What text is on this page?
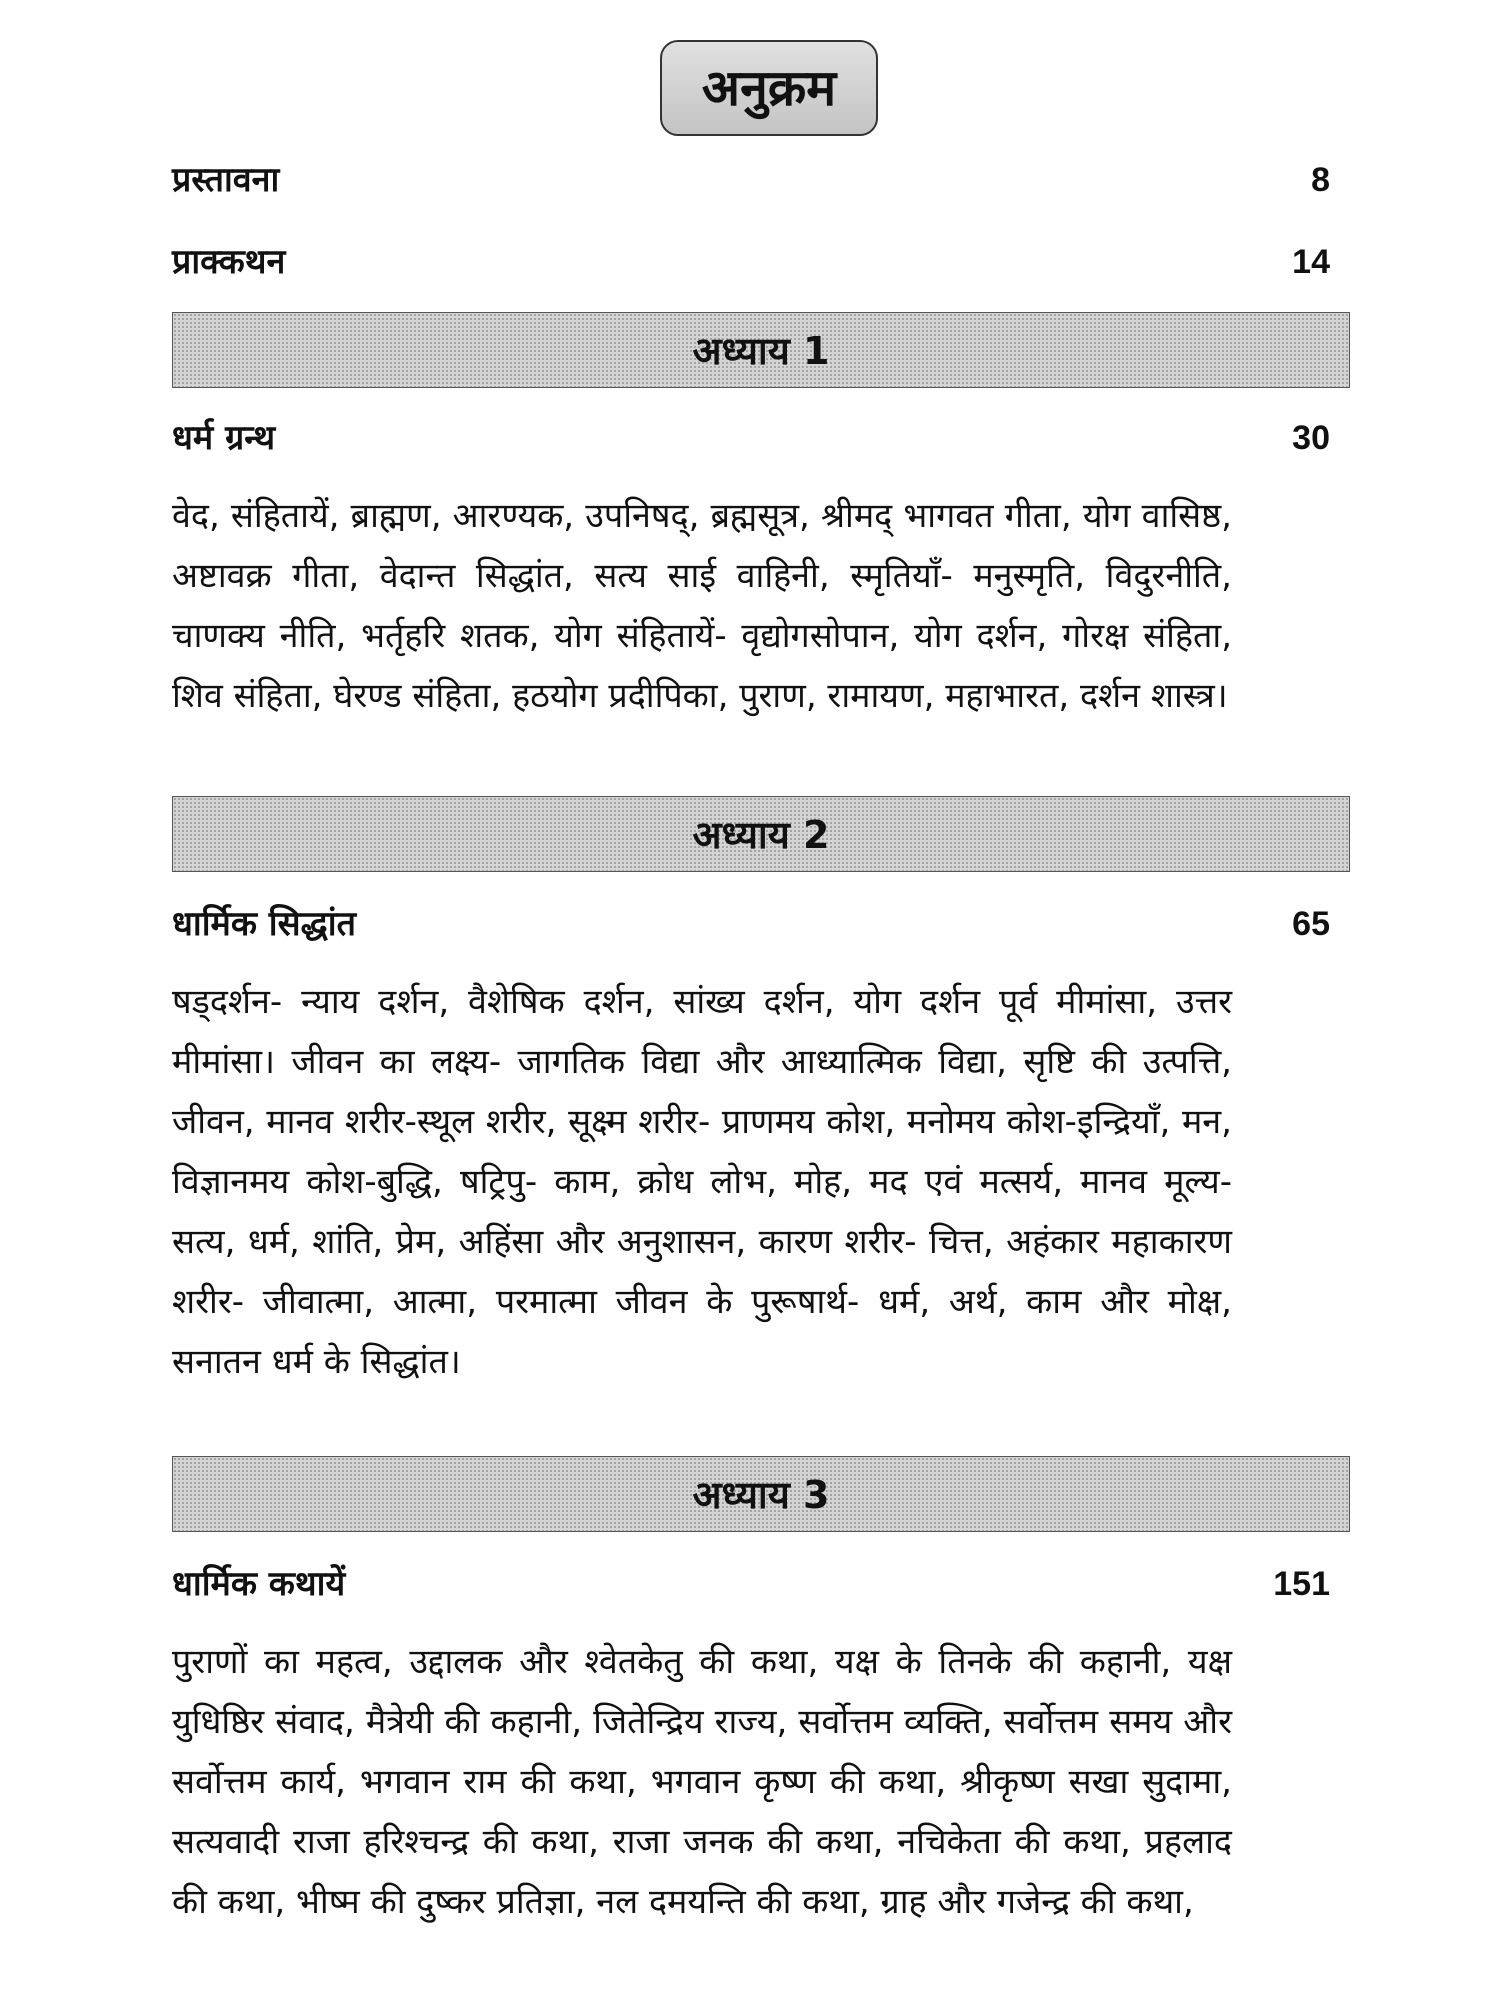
अनुक्रम
प्रस्तावना	8
प्राक्कथन	14
अध्याय 1
धर्म ग्रन्थ	30

वेद, संहितायें, ब्राह्मण, आरण्यक, उपनिषद्, ब्रह्मसूत्र, श्रीमद् भागवत गीता, योग वासिष्ठ, अष्टावक्र गीता, वेदान्त सिद्धांत, सत्य साई वाहिनी, स्मृतियाँ- मनुस्मृति, विदुरनीति, चाणक्य नीति, भर्तृहरि शतक, योग संहितायें- वृद्योगसोपान, योग दर्शन, गोरक्ष संहिता, शिव संहिता, घेरण्ड संहिता, हठयोग प्रदीपिका, पुराण, रामायण, महाभारत, दर्शन शास्त्र।

अध्याय 2
धार्मिक सिद्धांत	65

षड्दर्शन- न्याय दर्शन, वैशेषिक दर्शन, सांख्य दर्शन, योग दर्शन पूर्व मीमांसा, उत्तर मीमांसा। जीवन का लक्ष्य- जागतिक विद्या और आध्यात्मिक विद्या, सृष्टि की उत्पत्ति, जीवन, मानव शरीर-स्थूल शरीर, सूक्ष्म शरीर- प्राणमय कोश, मनोमय कोश-इन्द्रियाँ, मन, विज्ञानमय कोश-बुद्धि, षट्रिपु- काम, क्रोध लोभ, मोह, मद एवं मत्सर्य, मानव मूल्य- सत्य, धर्म, शांति, प्रेम, अहिंसा और अनुशासन, कारण शरीर- चित्त, अहंकार महाकारण शरीर- जीवात्मा, आत्मा, परमात्मा जीवन के पुरूषार्थ- धर्म, अर्थ, काम और मोक्ष, सनातन धर्म के सिद्धांत।

अध्याय 3
धार्मिक कथायें	151

पुराणों का महत्व, उद्दालक और श्वेतकेतु की कथा, यक्ष के तिनके की कहानी, यक्ष युधिष्ठिर संवाद, मैत्रेयी की कहानी, जितेन्द्रिय राज्य, सर्वोत्तम व्यक्ति, सर्वोत्तम समय और सर्वोत्तम कार्य, भगवान राम की कथा, भगवान कृष्ण की कथा, श्रीकृष्ण सखा सुदामा, सत्यवादी राजा हरिश्चन्द्र की कथा, राजा जनक की कथा, नचिकेता की कथा, प्रहलाद की कथा, भीष्म की दुष्कर प्रतिज्ञा, नल दमयन्ति की कथा, ग्राह और गजेन्द्र की कथा,
